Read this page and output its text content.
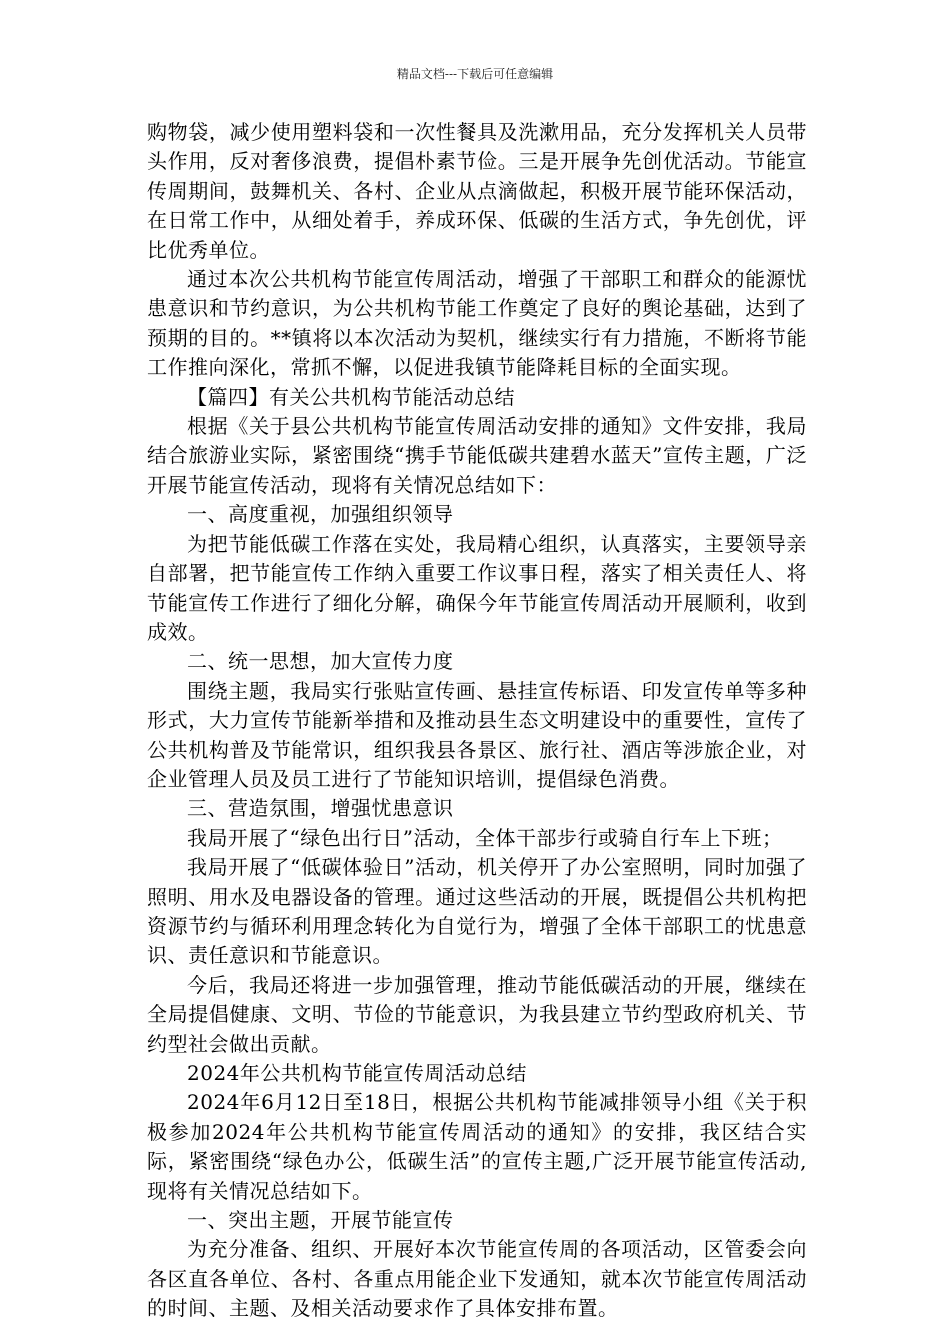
精品文档---下载后可任意编辑

购物袋，减少使用塑料袋和一次性餐具及洗漱用品，充分发挥机关人员带头作用，反对奢侈浪费，提倡朴素节俭。三是开展争先创优活动。节能宣传周期间，鼓舞机关、各村、企业从点滴做起，积极开展节能环保活动，在日常工作中，从细处着手，养成环保、低碳的生活方式，争先创优，评比优秀单位。

通过本次公共机构节能宣传周活动，增强了干部职工和群众的能源忧患意识和节约意识，为公共机构节能工作奠定了良好的舆论基础，达到了预期的目的。**镇将以本次活动为契机，继续实行有力措施，不断将节能工作推向深化，常抓不懈，以促进我镇节能降耗目标的全面实现。

【篇四】有关公共机构节能活动总结

根据《关于县公共机构节能宣传周活动安排的通知》文件安排，我局结合旅游业实际，紧密围绕“携手节能低碳共建碧水蓝天”宣传主题，广泛开展节能宣传活动，现将有关情况总结如下：

一、高度重视，加强组织领导

为把节能低碳工作落在实处，我局精心组织，认真落实，主要领导亲自部署，把节能宣传工作纳入重要工作议事日程，落实了相关责任人、将节能宣传工作进行了细化分解，确保今年节能宣传周活动开展顺利，收到成效。

二、统一思想，加大宣传力度

围绕主题，我局实行张贴宣传画、悬挂宣传标语、印发宣传单等多种形式，大力宣传节能新举措和及推动县生态文明建设中的重要性，宣传了公共机构普及节能常识，组织我县各景区、旅行社、酒店等涉旅企业，对企业管理人员及员工进行了节能知识培训，提倡绿色消费。

三、营造氛围，增强忧患意识

我局开展了“绿色出行日”活动，全体干部步行或骑自行车上下班；

我局开展了“低碳体验日”活动，机关停开了办公室照明，同时加强了照明、用水及电器设备的管理。通过这些活动的开展，既提倡公共机构把资源节约与循环利用理念转化为自觉行为，增强了全体干部职工的忧患意识、责任意识和节能意识。

今后，我局还将进一步加强管理，推动节能低碳活动的开展，继续在全局提倡健康、文明、节俭的节能意识，为我县建立节约型政府机关、节约型社会做出贡献。

2024年公共机构节能宣传周活动总结

2024年6月12日至18日，根据公共机构节能减排领导小组《关于积极参加2024年公共机构节能宣传周活动的通知》的安排，我区结合实际，紧密围绕“绿色办公，低碳生活”的宣传主题,广泛开展节能宣传活动,现将有关情况总结如下。

一、突出主题，开展节能宣传

为充分准备、组织、开展好本次节能宣传周的各项活动，区管委会向各区直各单位、各村、各重点用能企业下发通知，就本次节能宣传周活动的时间、主题、及相关活动要求作了具体安排布置。
